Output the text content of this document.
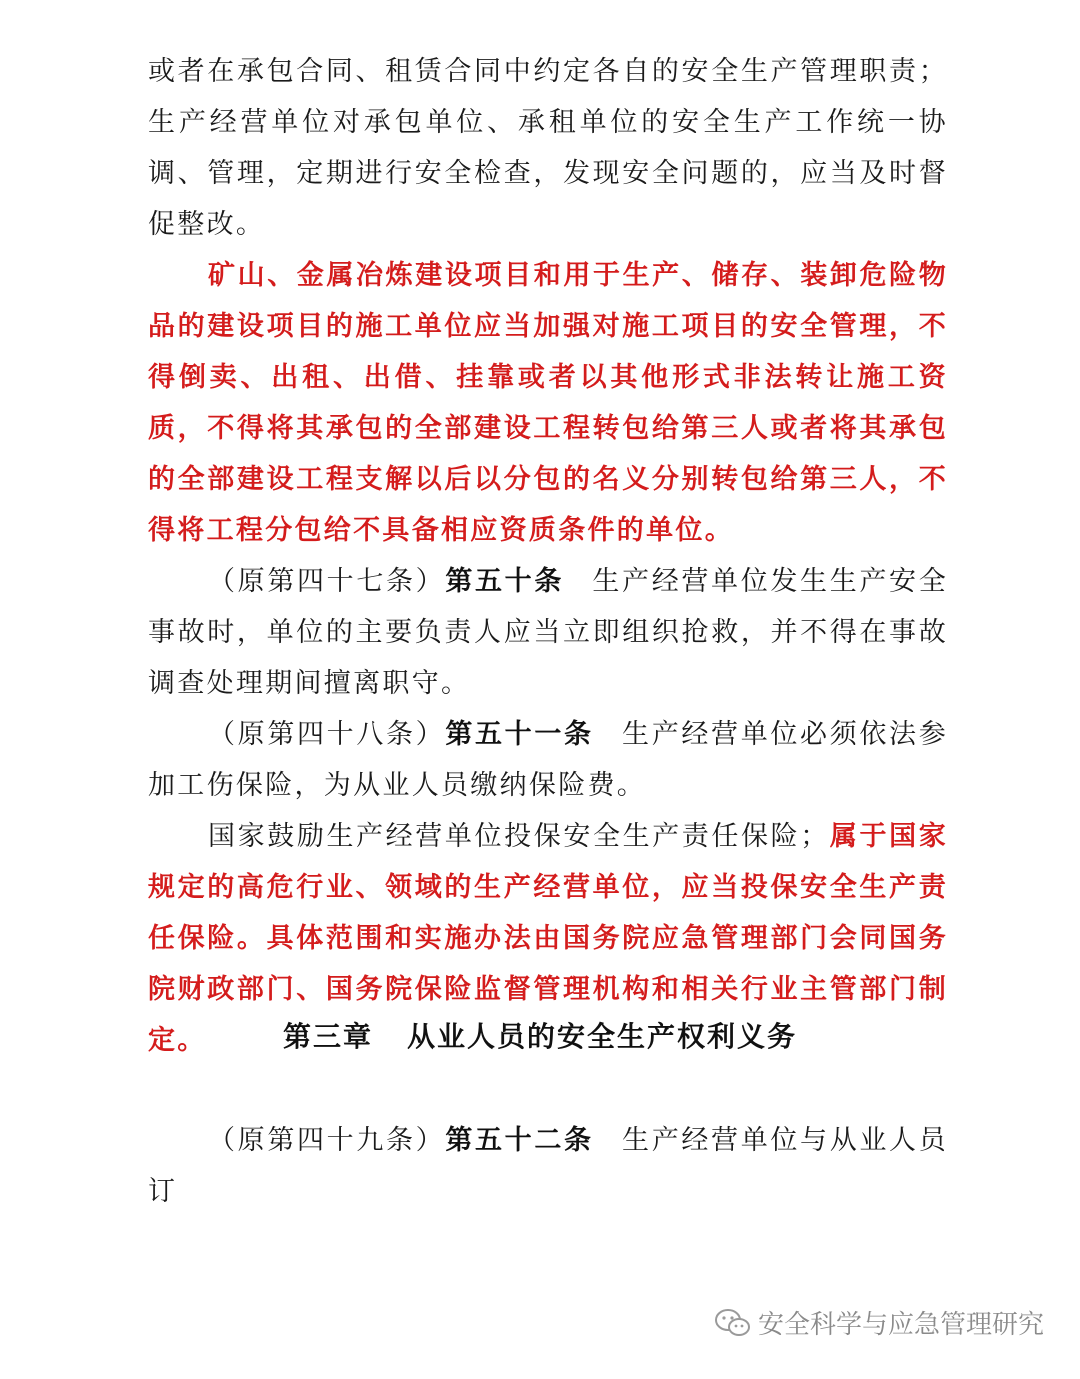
或者在承包合同、租赁合同中约定各自的安全生产管理职责；生产经营单位对承包单位、承租单位的安全生产工作统一协调、管理，定期进行安全检查，发现安全问题的，应当及时督促整改。

矿山、金属冶炼建设项目和用于生产、储存、装卸危险物品的建设项目的施工单位应当加强对施工项目的安全管理，不得倒卖、出租、出借、挂靠或者以其他形式非法转让施工资质，不得将其承包的全部建设工程转包给第三人或者将其承包的全部建设工程支解以后以分包的名义分别转包给第三人，不得将工程分包给不具备相应资质条件的单位。

（原第四十七条）第五十条 生产经营单位发生生产安全事故时，单位的主要负责人应当立即组织抢救，并不得在事故调查处理期间擅离职守。

（原第四十八条）第五十一条 生产经营单位必须依法参加工伤保险，为从业人员缴纳保险费。

国家鼓励生产经营单位投保安全生产责任保险；属于国家规定的高危行业、领域的生产经营单位，应当投保安全生产责任保险。具体范围和实施办法由国务院应急管理部门会同国务院财政部门、国务院保险监督管理机构和相关行业主管部门制定。	第三章 从业人员的安全生产权利义务

（原第四十九条）第五十二条 生产经营单位与从业人员订

安全科学与应急管理研究
